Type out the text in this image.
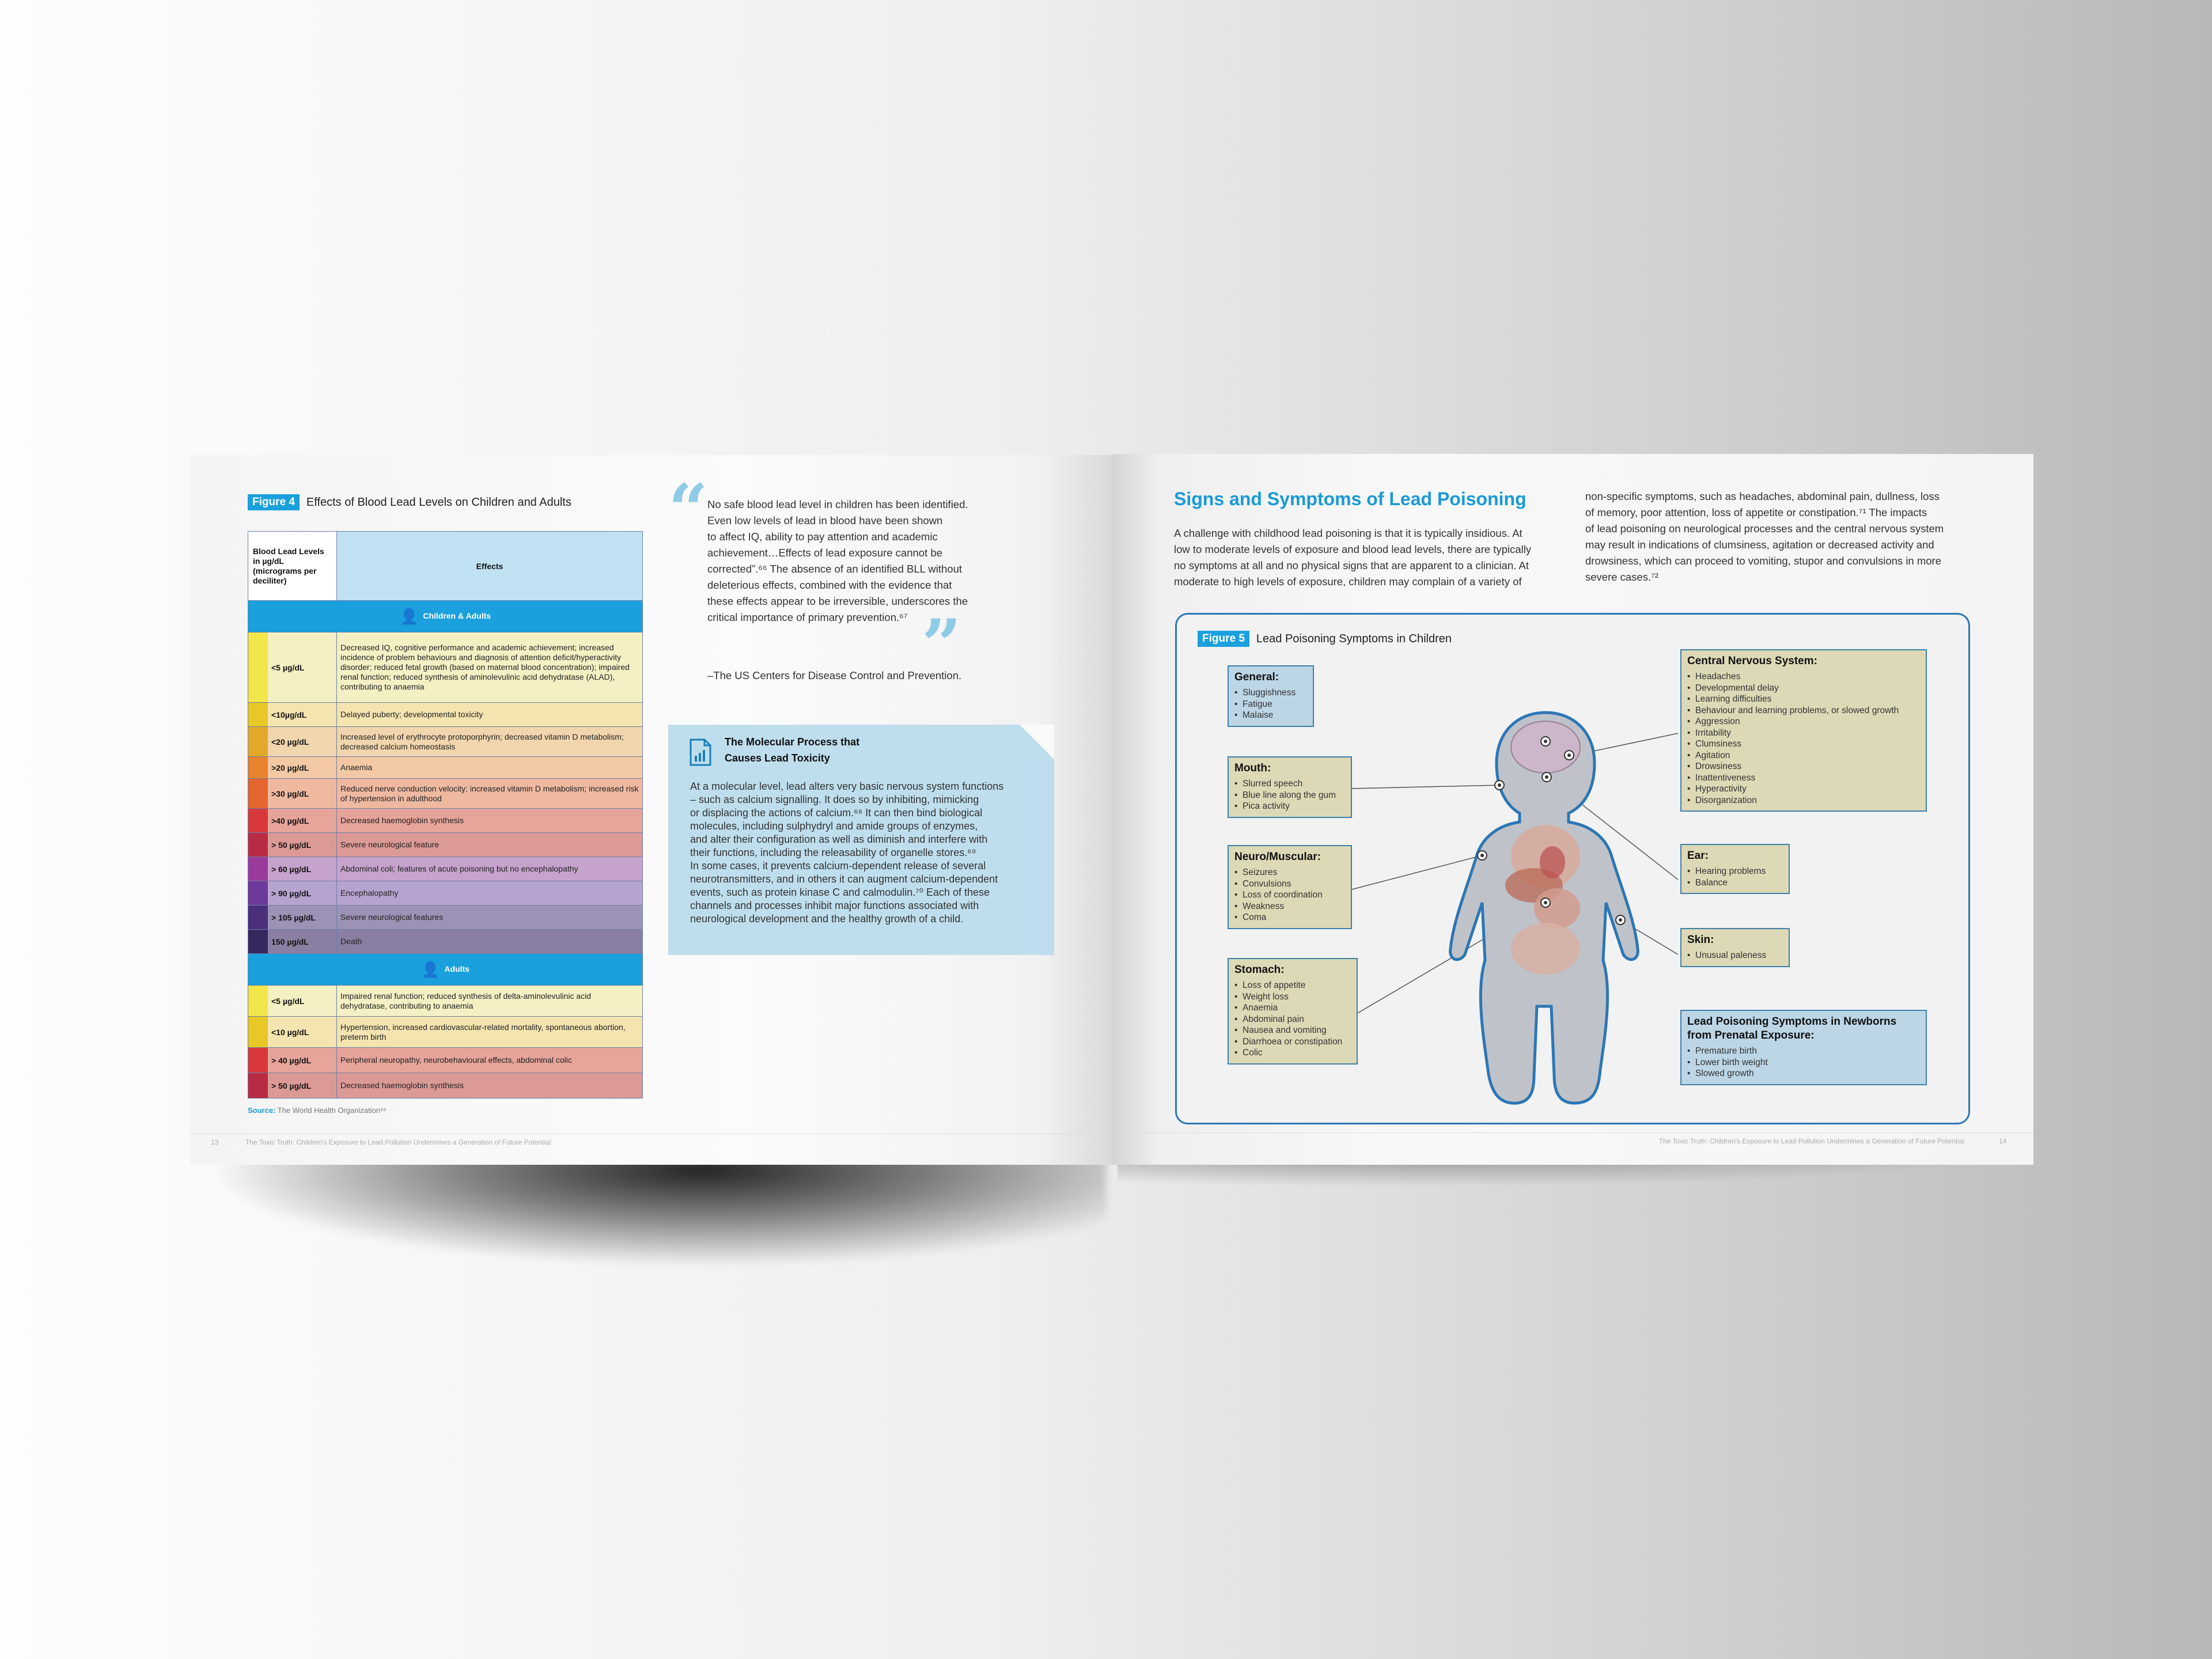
Figure 4	Effects of Blood Lead Levels on Children and Adults
Blood Lead Levels in µg/dL (micrograms per deciliter)	Effects
👤 Children & Adults	

<5 µg/dL	Decreased IQ, cognitive performance and academic achievement; increased incidence of problem behaviours and diagnosis of attention deficit/hyperactivity disorder; reduced fetal growth (based on maternal blood concentration); impaired renal function; reduced synthesis of aminolevulinic acid dehydratase (ALAD), contributing to anaemia

<10µg/dL	Delayed puberty; developmental toxicity

<20 µg/dL	Increased level of erythrocyte protoporphyrin; decreased vitamin D metabolism; decreased calcium homeostasis

>20 µg/dL	Anaemia

>30 µg/dL	Reduced nerve conduction velocity; increased vitamin D metabolism; increased risk of hypertension in adulthood

>40 µg/dL	Decreased haemoglobin synthesis

> 50 µg/dL	Severe neurological feature

> 60 µg/dL	Abdominal coli; features of acute poisoning but no encephalopathy

> 90 µg/dL	Encephalopathy

> 105 µg/dL	Severe neurological features

150 µg/dL	Death
👤 Adults	

<5 µg/dL	Impaired renal function; reduced synthesis of delta-aminolevulinic acid dehydratase, contributing to anaemia

<10 µg/dL	Hypertension, increased cardiovascular-related mortality, spontaneous abortion, preterm birth

> 40 µg/dL	Peripheral neuropathy, neurobehavioural effects, abdominal colic

> 50 µg/dL	Decreased haemoglobin synthesis
Source: The World Health Organization⁶⁵
“
No safe blood lead level in children has been identified.
Even low levels of lead in blood have been shown
to affect IQ, ability to pay attention and academic
achievement…Effects of lead exposure cannot be
corrected”.⁶⁶ The absence of an identified BLL without
deleterious effects, combined with the evidence that
these effects appear to be irreversible, underscores the
critical importance of primary prevention.⁶⁷ ”
–The US Centers for Disease Control and Prevention.
The Molecular Process that
Causes Lead Toxicity
At a molecular level, lead alters very basic nervous system functions
– such as calcium signalling. It does so by inhibiting, mimicking
or displacing the actions of calcium.⁶⁸ It can then bind biological
molecules, including sulphydryl and amide groups of enzymes,
and alter their configuration as well as diminish and interfere with
their functions, including the releasability of organelle stores.⁶⁹
In some cases, it prevents calcium-dependent release of several
neurotransmitters, and in others it can augment calcium-dependent
events, such as protein kinase C and calmodulin.⁷⁰ Each of these
channels and processes inhibit major functions associated with
neurological development and the healthy growth of a child.
13	The Toxic Truth: Children's Exposure to Lead Pollution Undermines a Generation of Future Potential
Signs and Symptoms of Lead Poisoning
A challenge with childhood lead poisoning is that it is typically insidious. At
low to moderate levels of exposure and blood lead levels, there are typically
no symptoms at all and no physical signs that are apparent to a clinician. At
moderate to high levels of exposure, children may complain of a variety of
non-specific symptoms, such as headaches, abdominal pain, dullness, loss
of memory, poor attention, loss of appetite or constipation.⁷¹ The impacts
of lead poisoning on neurological processes and the central nervous system
may result in indications of clumsiness, agitation or decreased activity and
drowsiness, which can proceed to vomiting, stupor and convulsions in more
severe cases.⁷²
Figure 5	Lead Poisoning Symptoms in Children
General:
• Sluggishness
• Fatigue
• Malaise
Mouth:
• Slurred speech
• Blue line along the gum
• Pica activity
Neuro/Muscular:
• Seizures
• Convulsions
• Loss of coordination
• Weakness
• Coma
Stomach:
• Loss of appetite
• Weight loss
• Anaemia
• Abdominal pain
• Nausea and vomiting
• Diarrhoea or constipation
• Colic
Central Nervous System:
• Headaches
• Developmental delay
• Learning difficulties
• Behaviour and learning problems, or slowed growth
• Aggression
• Irritability
• Clumsiness
• Agitation
• Drowsiness
• Inattentiveness
• Hyperactivity
• Disorganization
Ear:
• Hearing problems
• Balance
Skin:
• Unusual paleness
Lead Poisoning Symptoms in Newborns
from Prenatal Exposure:
• Premature birth
• Lower birth weight
• Slowed growth
The Toxic Truth: Children's Exposure to Lead Pollution Undermines a Generation of Future Potential	14
